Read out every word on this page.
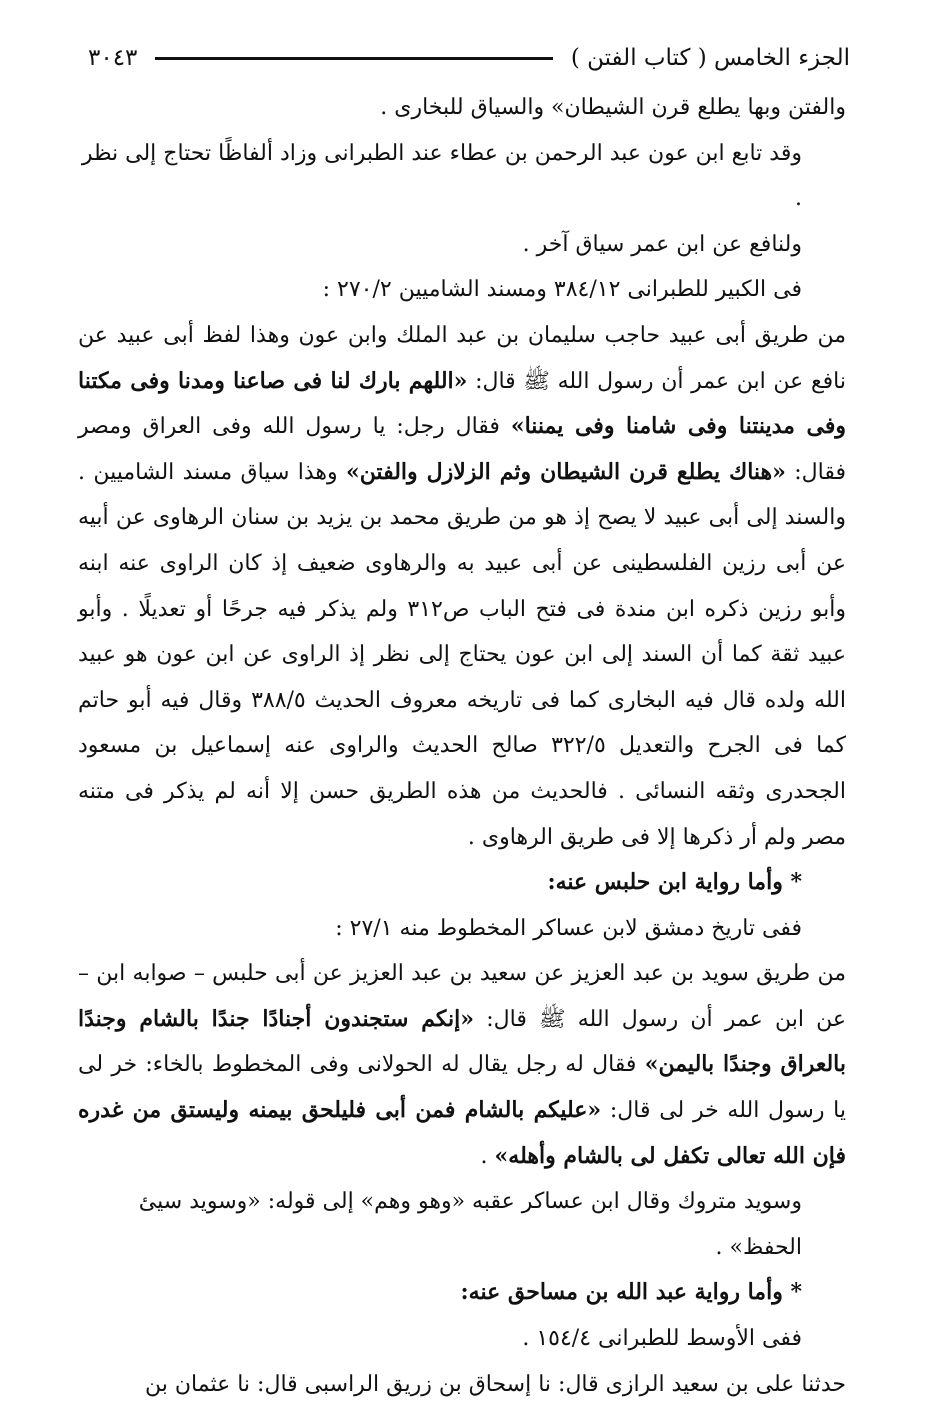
٣٠٤٣	الجزء الخامس ( كتاب الفتن )

والفتن وبها يطلع قرن الشيطان» والسياق للبخارى .

وقد تابع ابن عون عبد الرحمن بن عطاء عند الطبرانى وزاد ألفاظًا تحتاج إلى نظر .

ولنافع عن ابن عمر سياق آخر .

فى الكبير للطبرانى ٣٨٤/١٢ ومسند الشاميين ٢٧٠/٢ :

من طريق أبى عبيد حاجب سليمان بن عبد الملك وابن عون وهذا لفظ أبى عبيد عن نافع عن ابن عمر أن رسول الله ﷺ قال: «اللهم بارك لنا فى صاعنا ومدنا وفى مكتنا وفى مدينتنا وفى شامنا وفى يمننا» فقال رجل: يا رسول الله وفى العراق ومصر فقال: «هناك يطلع قرن الشيطان وثم الزلازل والفتن» وهذا سياق مسند الشاميين . والسند إلى أبى عبيد لا يصح إذ هو من طريق محمد بن يزيد بن سنان الرهاوى عن أبيه عن أبى رزين الفلسطينى عن أبى عبيد به والرهاوى ضعيف إذ كان الراوى عنه ابنه وأبو رزين ذكره ابن مندة فى فتح الباب ص٣١٢ ولم يذكر فيه جرحًا أو تعديلًا . وأبو عبيد ثقة كما أن السند إلى ابن عون يحتاج إلى نظر إذ الراوى عن ابن عون هو عبيد الله ولده قال فيه البخارى كما فى تاريخه معروف الحديث ٣٨٨/٥ وقال فيه أبو حاتم كما فى الجرح والتعديل ٣٢٢/٥ صالح الحديث والراوى عنه إسماعيل بن مسعود الجحدرى وثقه النسائى . فالحديث من هذه الطريق حسن إلا أنه لم يذكر فى متنه مصر ولم أر ذكرها إلا فى طريق الرهاوى .

* وأما رواية ابن حلبس عنه:

ففى تاريخ دمشق لابن عساكر المخطوط منه ٢٧/١ :

من طريق سويد بن عبد العزيز عن سعيد بن عبد العزيز عن أبى حلبس – صوابه ابن – عن ابن عمر أن رسول الله ﷺ قال: «إنكم ستجندون أجنادًا جندًا بالشام وجندًا بالعراق وجندًا باليمن» فقال له رجل يقال له الحولانى وفى المخطوط بالخاء: خر لى يا رسول الله خر لى قال: «عليكم بالشام فمن أبى فليلحق بيمنه وليستق من غدره فإن الله تعالى تكفل لى بالشام وأهله» .

وسويد متروك وقال ابن عساكر عقبه «وهو وهم» إلى قوله: «وسويد سيئ الحفظ» .

* وأما رواية عبد الله بن مساحق عنه:

ففى الأوسط للطبرانى ١٥٤/٤ .

حدثنا على بن سعيد الرازى قال: نا إسحاق بن زريق الراسبى قال: نا عثمان بن
